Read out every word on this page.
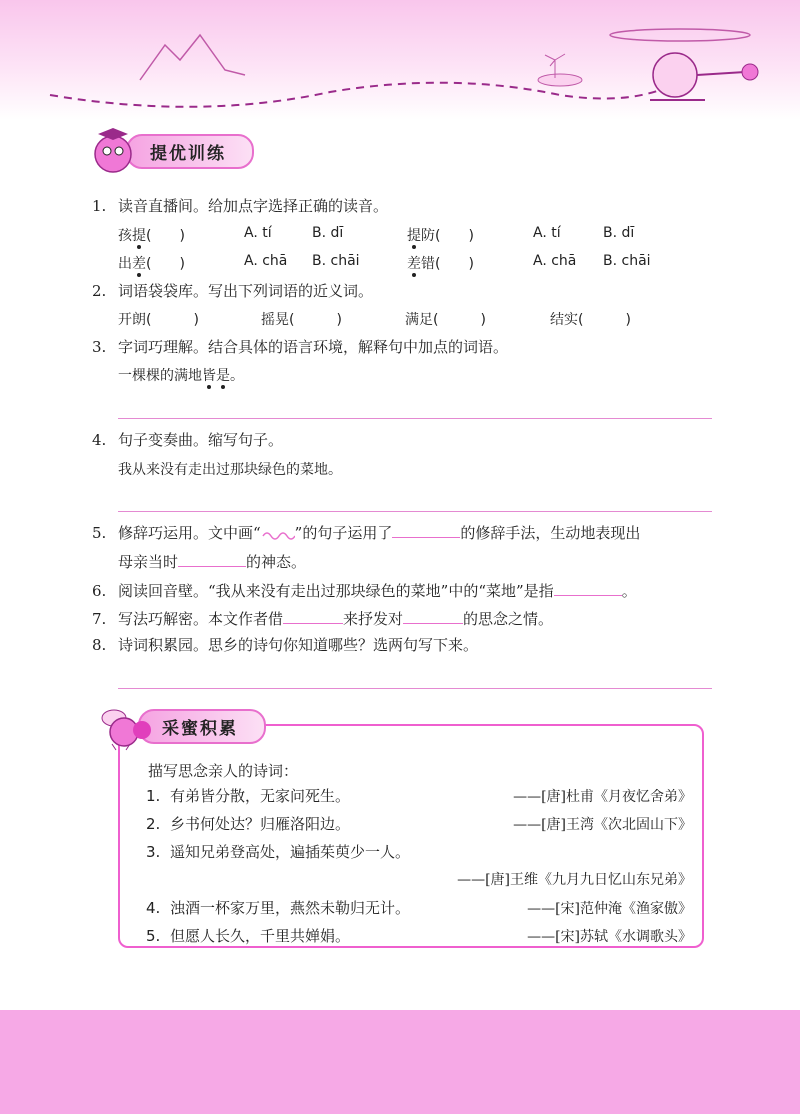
提优训练
1. 读音直播间。给加点字选择正确的读音。
孩提(　　)	A. tí	B. dī	提防(　　)	A. tí	B. dī
出差(　　)	A. chā B. chāi	差错(　　)	A. chā B. chāi
2. 词语袋袋库。写出下列词语的近义词。
开朗(　　　)	摇晃(　　　)	满足(　　　)	结实(　　　)
3. 字词巧理解。结合具体的语言环境，解释句中加点的词语。
一棵棵的满地皆是。
4. 句子变奏曲。缩写句子。
我从来没有走出过那块绿色的菜地。
5. 修辞巧运用。文中画“ ”的句子运用了	的修辞手法，生动地表现出
母亲当时	的神态。
6. 阅读回音壁。“我从来没有走出过那块绿色的菜地”中的“菜地”是指	。
7. 写法巧解密。本文作者借	来抒发对	的思念之情。
8. 诗词积累园。思乡的诗句你知道哪些？选两句写下来。
采蜜积累
描写思念亲人的诗词：
1. 有弟皆分散，无家问死生。	——[唐]杜甫《月夜忆舍弟》
2. 乡书何处达？归雁洛阳边。	——[唐]王湾《次北固山下》
3. 遥知兄弟登高处，遍插茱萸少一人。
——[唐]王维《九月九日忆山东兄弟》
4. 浊酒一杯家万里，燕然未勒归无计。	——[宋]范仲淹《渔家傲》
5. 但愿人长久，千里共婵娟。	——[宋]苏轼《水调歌头》
